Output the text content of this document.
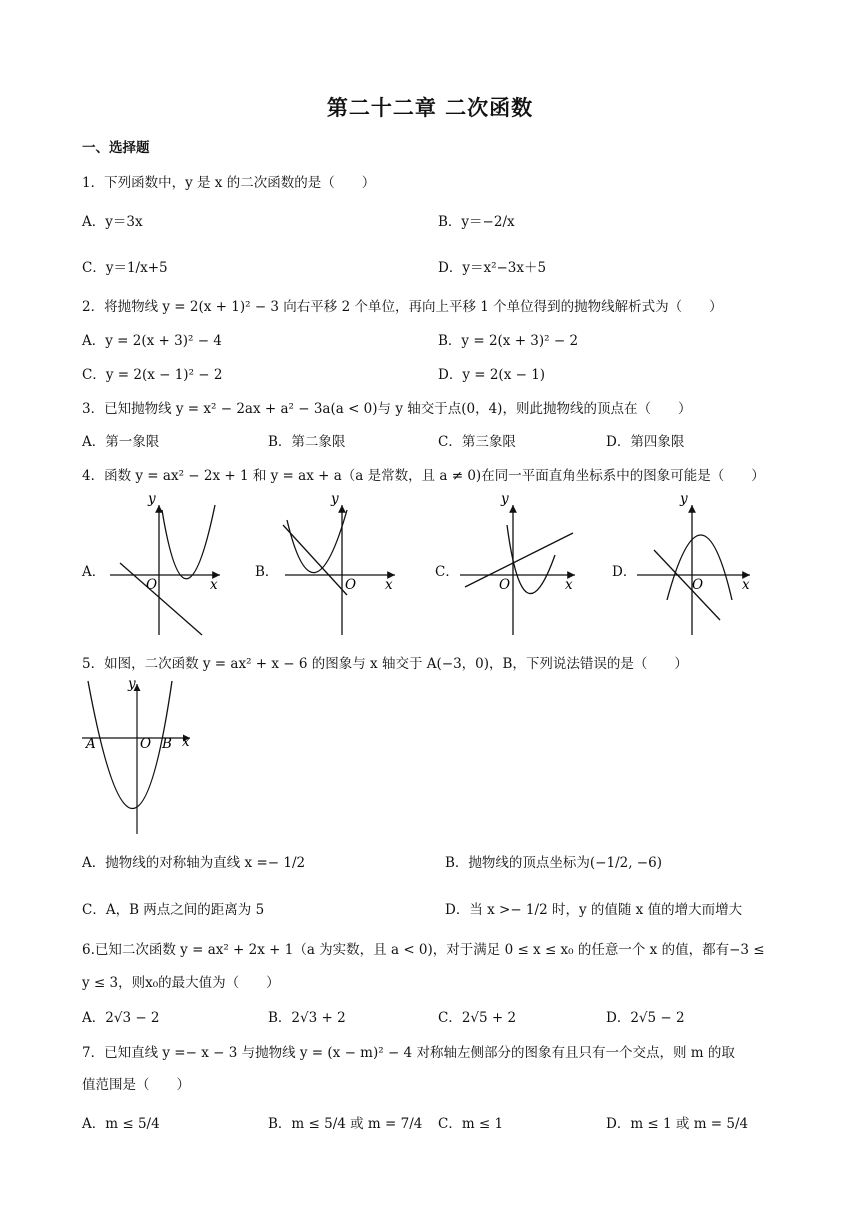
第二十二章 二次函数
一、选择题
1．下列函数中，y 是 x 的二次函数的是（　　）
A．y＝3x	B．y＝−2/x
C．y＝1/x+5	D．y＝x²−3x＋5
2．将抛物线 y = 2(x + 1)² − 3 向右平移 2 个单位，再向上平移 1 个单位得到的抛物线解析式为（　　）
A．y = 2(x + 3)² − 4	B．y = 2(x + 3)² − 2
C．y = 2(x − 1)² − 2	D．y = 2(x − 1)
3．已知抛物线 y = x² − 2ax + a² − 3a(a < 0)与 y 轴交于点(0，4)，则此抛物线的顶点在（　　）
A．第一象限	B．第二象限	C．第三象限	D．第四象限
4．函数 y = ax² − 2x + 1 和 y = ax + a（a 是常数，且 a ≠ 0)在同一平面直角坐标系中的图象可能是（　　）
A．	B．	C．	D．
y
x
O
y
x
O
y
x
O
y
x
O
5．如图，二次函数 y = ax² + x − 6 的图象与 x 轴交于 A(−3，0)，B，下列说法错误的是（　　）
y
x
O
A	B
A．抛物线的对称轴为直线 x =− 1/2	B．抛物线的顶点坐标为(−1/2, −6)
C．A，B 两点之间的距离为 5	D．当 x >− 1/2 时，y 的值随 x 值的增大而增大
6.已知二次函数 y = ax² + 2x + 1（a 为实数，且 a < 0)，对于满足 0 ≤ x ≤ x₀ 的任意一个 x 的值，都有−3 ≤
y ≤ 3，则x₀的最大值为（　　）
A．2√3 − 2	B．2√3 + 2	C．2√5 + 2	D．2√5 − 2
7．已知直线 y =− x − 3 与抛物线 y = (x − m)² − 4 对称轴左侧部分的图象有且只有一个交点，则 m 的取
值范围是（　　）
A．m ≤ 5/4	B．m ≤ 5/4 或 m = 7/4 C．m ≤ 1	D．m ≤ 1 或 m = 5/4
